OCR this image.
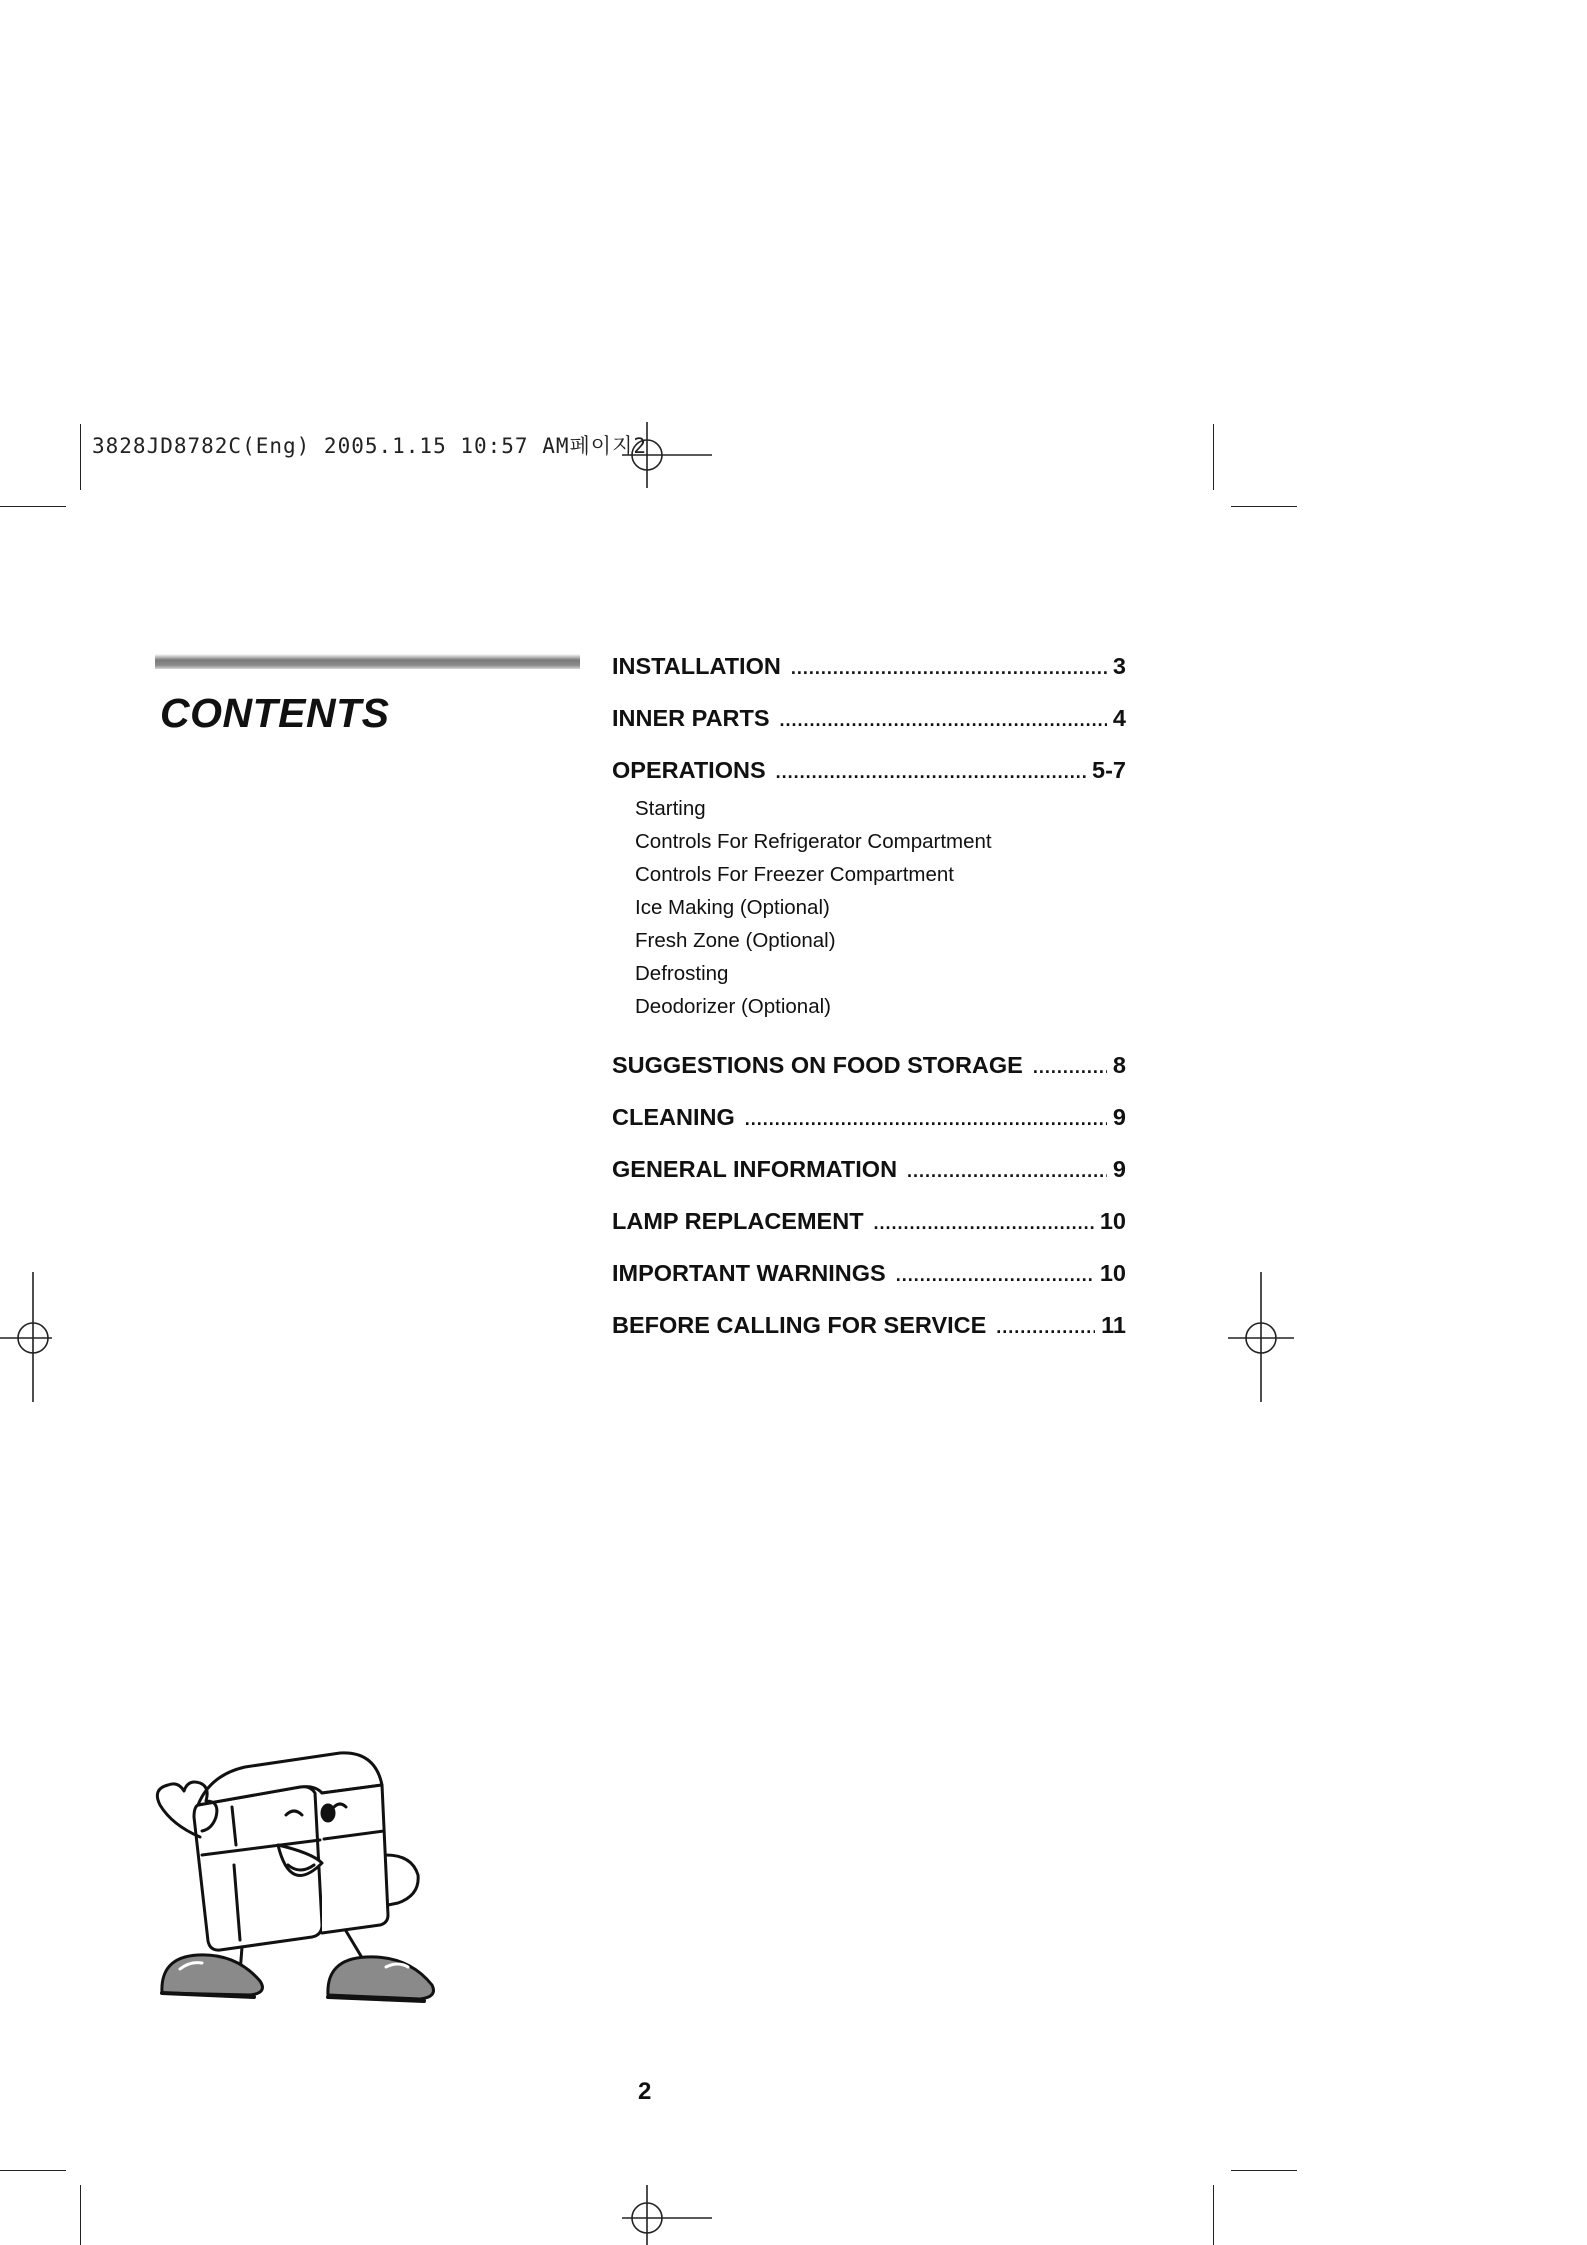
3828JD8782C(Eng) 2005.1.15 10:57 AM페이지2
CONTENTS
INSTALLATION .....	3
INNER PARTS .....	4
OPERATIONS .....	5-7
Starting
Controls For Refrigerator Compartment
Controls For Freezer Compartment
Ice Making (Optional)
Fresh Zone (Optional)
Defrosting
Deodorizer (Optional)
SUGGESTIONS ON FOOD STORAGE .....	8
CLEANING .....	9
GENERAL INFORMATION .....	9
LAMP REPLACEMENT .....	10
IMPORTANT WARNINGS .....	10
BEFORE CALLING FOR SERVICE .....	11
2
